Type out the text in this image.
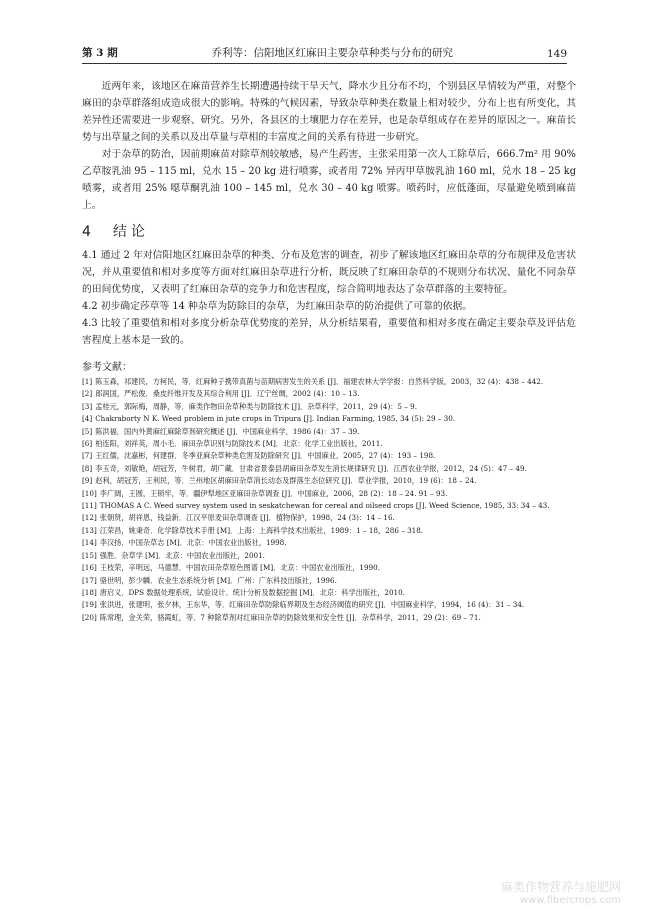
第 3 期	乔利等：信阳地区红麻田主要杂草种类与分布的研究	149

近两年来，该地区在麻苗营养生长期遭遇持续干旱天气，降水少且分布不均，个别县区旱情较为严重，对整个麻田的杂草群落组成造成很大的影响。特殊的气候因素，导致杂草种类在数量上相对较少，分布上也有所变化，其差异性还需要进一步观察、研究。另外，各县区的土壤肥力存在差异，也是杂草组成存在差异的原因之一。麻苗长势与出草量之间的关系以及出草量与草相的丰富度之间的关系有待进一步研究。

对于杂草的防治，因前期麻苗对除草剂较敏感，易产生药害，主张采用第一次人工除草后，666.7m² 用 90% 乙草胺乳油 95 – 115 ml，兑水 15 – 20 kg 进行喷雾，或者用 72% 异丙甲草胺乳油 160 ml，兑水 18 – 25 kg 喷雾，或者用 25% 噁草酮乳油 100 – 145 ml，兑水 30 – 40 kg 喷雾。喷药时，应低蓬面，尽量避免喷到麻苗上。

4 结论

4.1 通过 2 年对信阳地区红麻田杂草的种类、分布及危害的调查，初步了解该地区红麻田杂草的分布规律及危害状况，并从重要值和相对多度等方面对红麻田杂草进行分析，既反映了红麻田杂草的不规则分布状况、量化不同杂草的田间优势度，又表明了红麻田杂草的竞争力和危害程度，综合简明地表达了杂草群落的主要特征。

4.2 初步确定莎草等 14 种杂草为防除目的杂草，为红麻田杂草的防治提供了可靠的依据。

4.3 比较了重要值和相对多度分析杂草优势度的差异，从分析结果看，重要值和相对多度在确定主要杂草及评估危害程度上基本是一致的。

参考文献：

[1] 陈玉森，祁建民，方柯民，等．红麻种子携带真菌与苗期病害发生的关系 [J]．福建农林大学学报：自然科学版，2003，32 (4)：438 – 442.

[2] 郎润国，严松俊．桑皮纤维开发及其综合利用 [J]．辽宁丝绸，2002 (4)：10 – 13.

[3] 孟桂元，郭际梅，周静，等．麻类作物田杂草种类与防除技术 [J]．杂草科学，2011，29 (4)：5 – 9.

[4] Chakraborty N K. Weed problem in jute crops in Tripura [J]. Indian Farming, 1985, 34 (5): 29 – 30.

[5] 陈洪福．国内外黄麻红麻除草剂研究概述 [J]．中国麻业科学，1986 (4)：37 – 39.

[6] 柏连阳，刘祥英，周小毛．麻田杂草识别与防除技术 [M]．北京：化学工业出版社，2011.

[7] 王红儒，沈嘉彬，何建群．冬季亚麻杂草种类危害及防除研究 [J]．中国麻业，2005，27 (4)：193 – 198.

[8] 李玉奇，刘敏艳，胡冠芳，牛树君，胡广藏．甘肃省景泰县胡麻田杂草发生消长规律研究 [J]．江西农业学报，2012，24 (5)：47 – 49.

[9] 赵利，胡冠芳，王利民，等．兰州地区胡麻田杂草消长动态及群落生态位研究 [J]．草业学报，2010，19 (6)：18 – 24.

[10] 李广阔，王圆，王锁牢，等．疆伊犁地区亚麻田杂草调查 [J]．中国麻业，2006，28 (2)：18 – 24. 91 – 93.

[11] THOMAS A C. Weed survey system used in seskatchewan for cereal and oilseed crops [J]. Weed Science, 1985, 33: 34 – 43.

[12] 张朝贤，胡祥恩，钱益新．江汉平原麦田杂草调查 [J]．植物保护，1998，24 (3)：14 – 16.

[13] 江荣昌，姚秉奇．化学除草技术手册 [M]．上海：上海科学技术出版社，1989：1 – 18，286 – 318.

[14] 李汉扬．中国杂草志 [M]．北京：中国农业出版社，1998.

[15] 强胜．杂草学 [M]．北京：中国农业出版社，2001.

[16] 王枝荣，辛明远，马德慧．中国农田杂草原色图谱 [M]．北京：中国农业出版社，1990.

[17] 骆世明，彭少麟．农业生态系统分析 [M]．广州：广东科技出版社，1996.

[18] 唐启义．DPS 数据处理系统，试验设计、统计分析及数据挖掘 [M]．北京：科学出版社，2010.

[19] 张洪进，张建明，张夕林，王东华，等．红麻田杂草防除临界期及生态经济阈值的研究 [J]．中国麻业科学，1994，16 (4)：31 – 34.

[20] 陈常理，金关荣，骆霞虹，等．7 种除草剂对红麻田杂草的防除效果和安全性 [J]．杂草科学，2011，29 (2)：69 – 71.

麻类作物营养与施肥网
www.fibercrops.com
